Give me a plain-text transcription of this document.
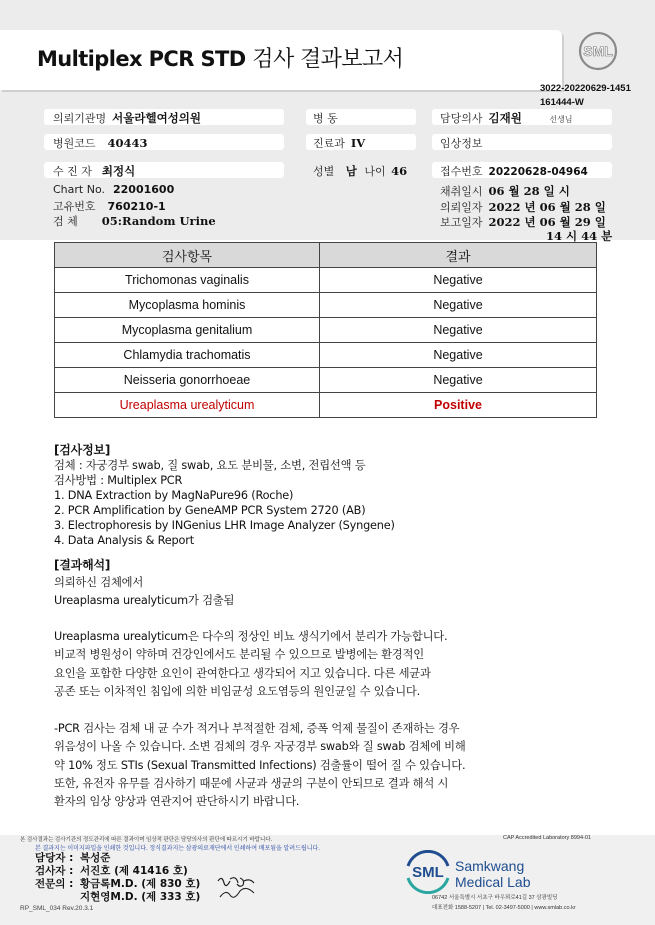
Multiplex PCR STD 검사 결과보고서	SML
3022-20220629-1451
161444-W
의뢰기관명 서울라헬여성의원	병 동	담당의사 김재원	선생님
병원코드 40443	진료과 IV	임상정보
수 진 자 최정식	성별 남 나이 46	접수번호 20220628-04964
Chart No. 22001600
고유번호 760210-1
검 체 05:Random Urine
채취일시 06 월 28 일 시
의뢰일자 2022 년 06 월 28 일
보고일자 2022 년 06 월 29 일
14 시 44 분
검사항목	결과
Trichomonas vaginalis	Negative
Mycoplasma hominis	Negative
Mycoplasma genitalium	Negative
Chlamydia trachomatis	Negative
Neisseria gonorrhoeae	Negative
Ureaplasma urealyticum	Positive
[검사정보]
검체 : 자궁경부 swab, 질 swab, 요도 분비물, 소변, 전립선액 등
검사방법 : Multiplex PCR
1. DNA Extraction by MagNaPure96 (Roche)
2. PCR Amplification by GeneAMP PCR System 2720 (AB)
3. Electrophoresis by INGenius LHR Image Analyzer (Syngene)
4. Data Analysis & Report
[결과해석]
의뢰하신 검체에서
Ureaplasma urealyticum가 검출됨
Ureaplasma urealyticum은 다수의 정상인 비뇨 생식기에서 분리가 가능합니다.
비교적 병원성이 약하며 건강인에서도 분리될 수 있으므로 발병에는 환경적인
요인을 포함한 다양한 요인이 관여한다고 생각되어 지고 있습니다. 다른 세균과
공존 또는 이차적인 침입에 의한 비임균성 요도염등의 원인균일 수 있습니다.
-PCR 검사는 검체 내 균 수가 적거나 부적절한 검체, 증폭 억제 물질이 존재하는 경우
위음성이 나올 수 있습니다. 소변 검체의 경우 자궁경부 swab와 질 swab 검체에 비해
약 10% 정도 STIs (Sexual Transmitted Infections) 검출률이 떨어 질 수 있습니다.
또한, 유전자 유무를 검사하기 때문에 사균과 생균의 구분이 안되므로 결과 해석 시
환자의 임상 양상과 연관지어 판단하시기 바랍니다.
본 검사결과는 검사기관의 정도관리에 따른 결과이며 임상적 판단은 담당의사의 판단에 따르시기 바랍니다.	CAP Accredited Laboratory 8994-01
본 결과지는 이미지파일을 인쇄한 것입니다. 정식결과지는 삼광의료재단에서 인쇄하여 배포됨을 알려드립니다.
담당자 : 복성준
검사자 : 서진호 (제 41416 호)
전문의 : 황금록M.D. (제 830 호)
지현영M.D. (제 333 호)
SML Samkwang
Medical Lab
06742 서울특별시 서초구 바우뫼로41길 37 삼광빌딩
대표전화 1588-5207 | Tel. 02-3497-5000 | www.smlab.co.kr
RP_SML_034 Rev.20.3.1
